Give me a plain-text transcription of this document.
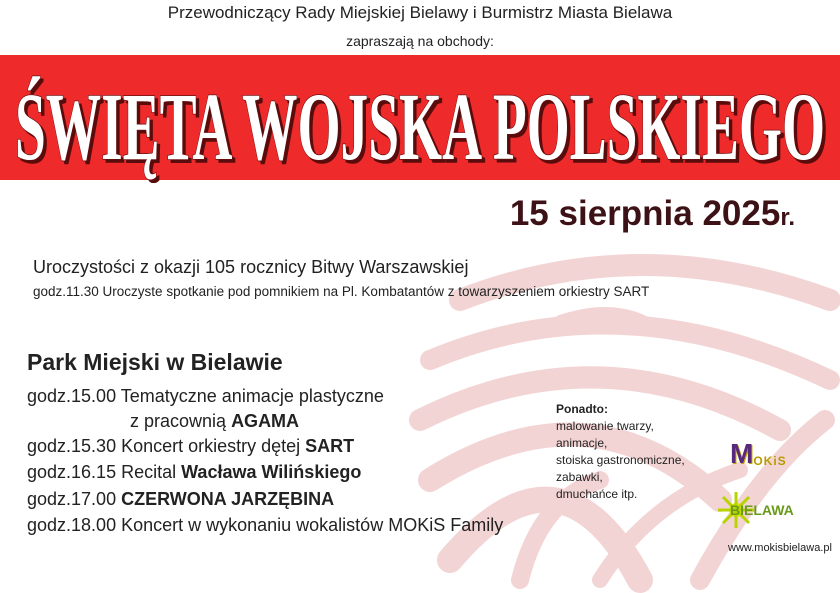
Przewodniczący Rady Miejskiej Bielawy i Burmistrz Miasta Bielawa
zapraszają na obchody:
ŚWIĘTA WOJSKA POLSKIEGO
15 sierpnia 2025r.
Uroczystości z okazji 105 rocznicy Bitwy Warszawskiej
godz.11.30 Uroczyste spotkanie pod pomnikiem na Pl. Kombatantów z towarzyszeniem orkiestry SART
Park Miejski w Bielawie
godz.15.00 Tematyczne animacje plastyczne
z pracownią AGAMA
godz.15.30 Koncert orkiestry dętej SART
godz.16.15 Recital Wacława Wilińskiego
godz.17.00 CZERWONA JARZĘBINA
godz.18.00 Koncert w wykonaniu wokalistów MOKiS Family
Ponadto:
malowanie twarzy,
animacje,
stoiska gastronomiczne,
zabawki,
dmuchańce itp.
M OKiS
BIELAWA
www.mokisbielawa.pl
